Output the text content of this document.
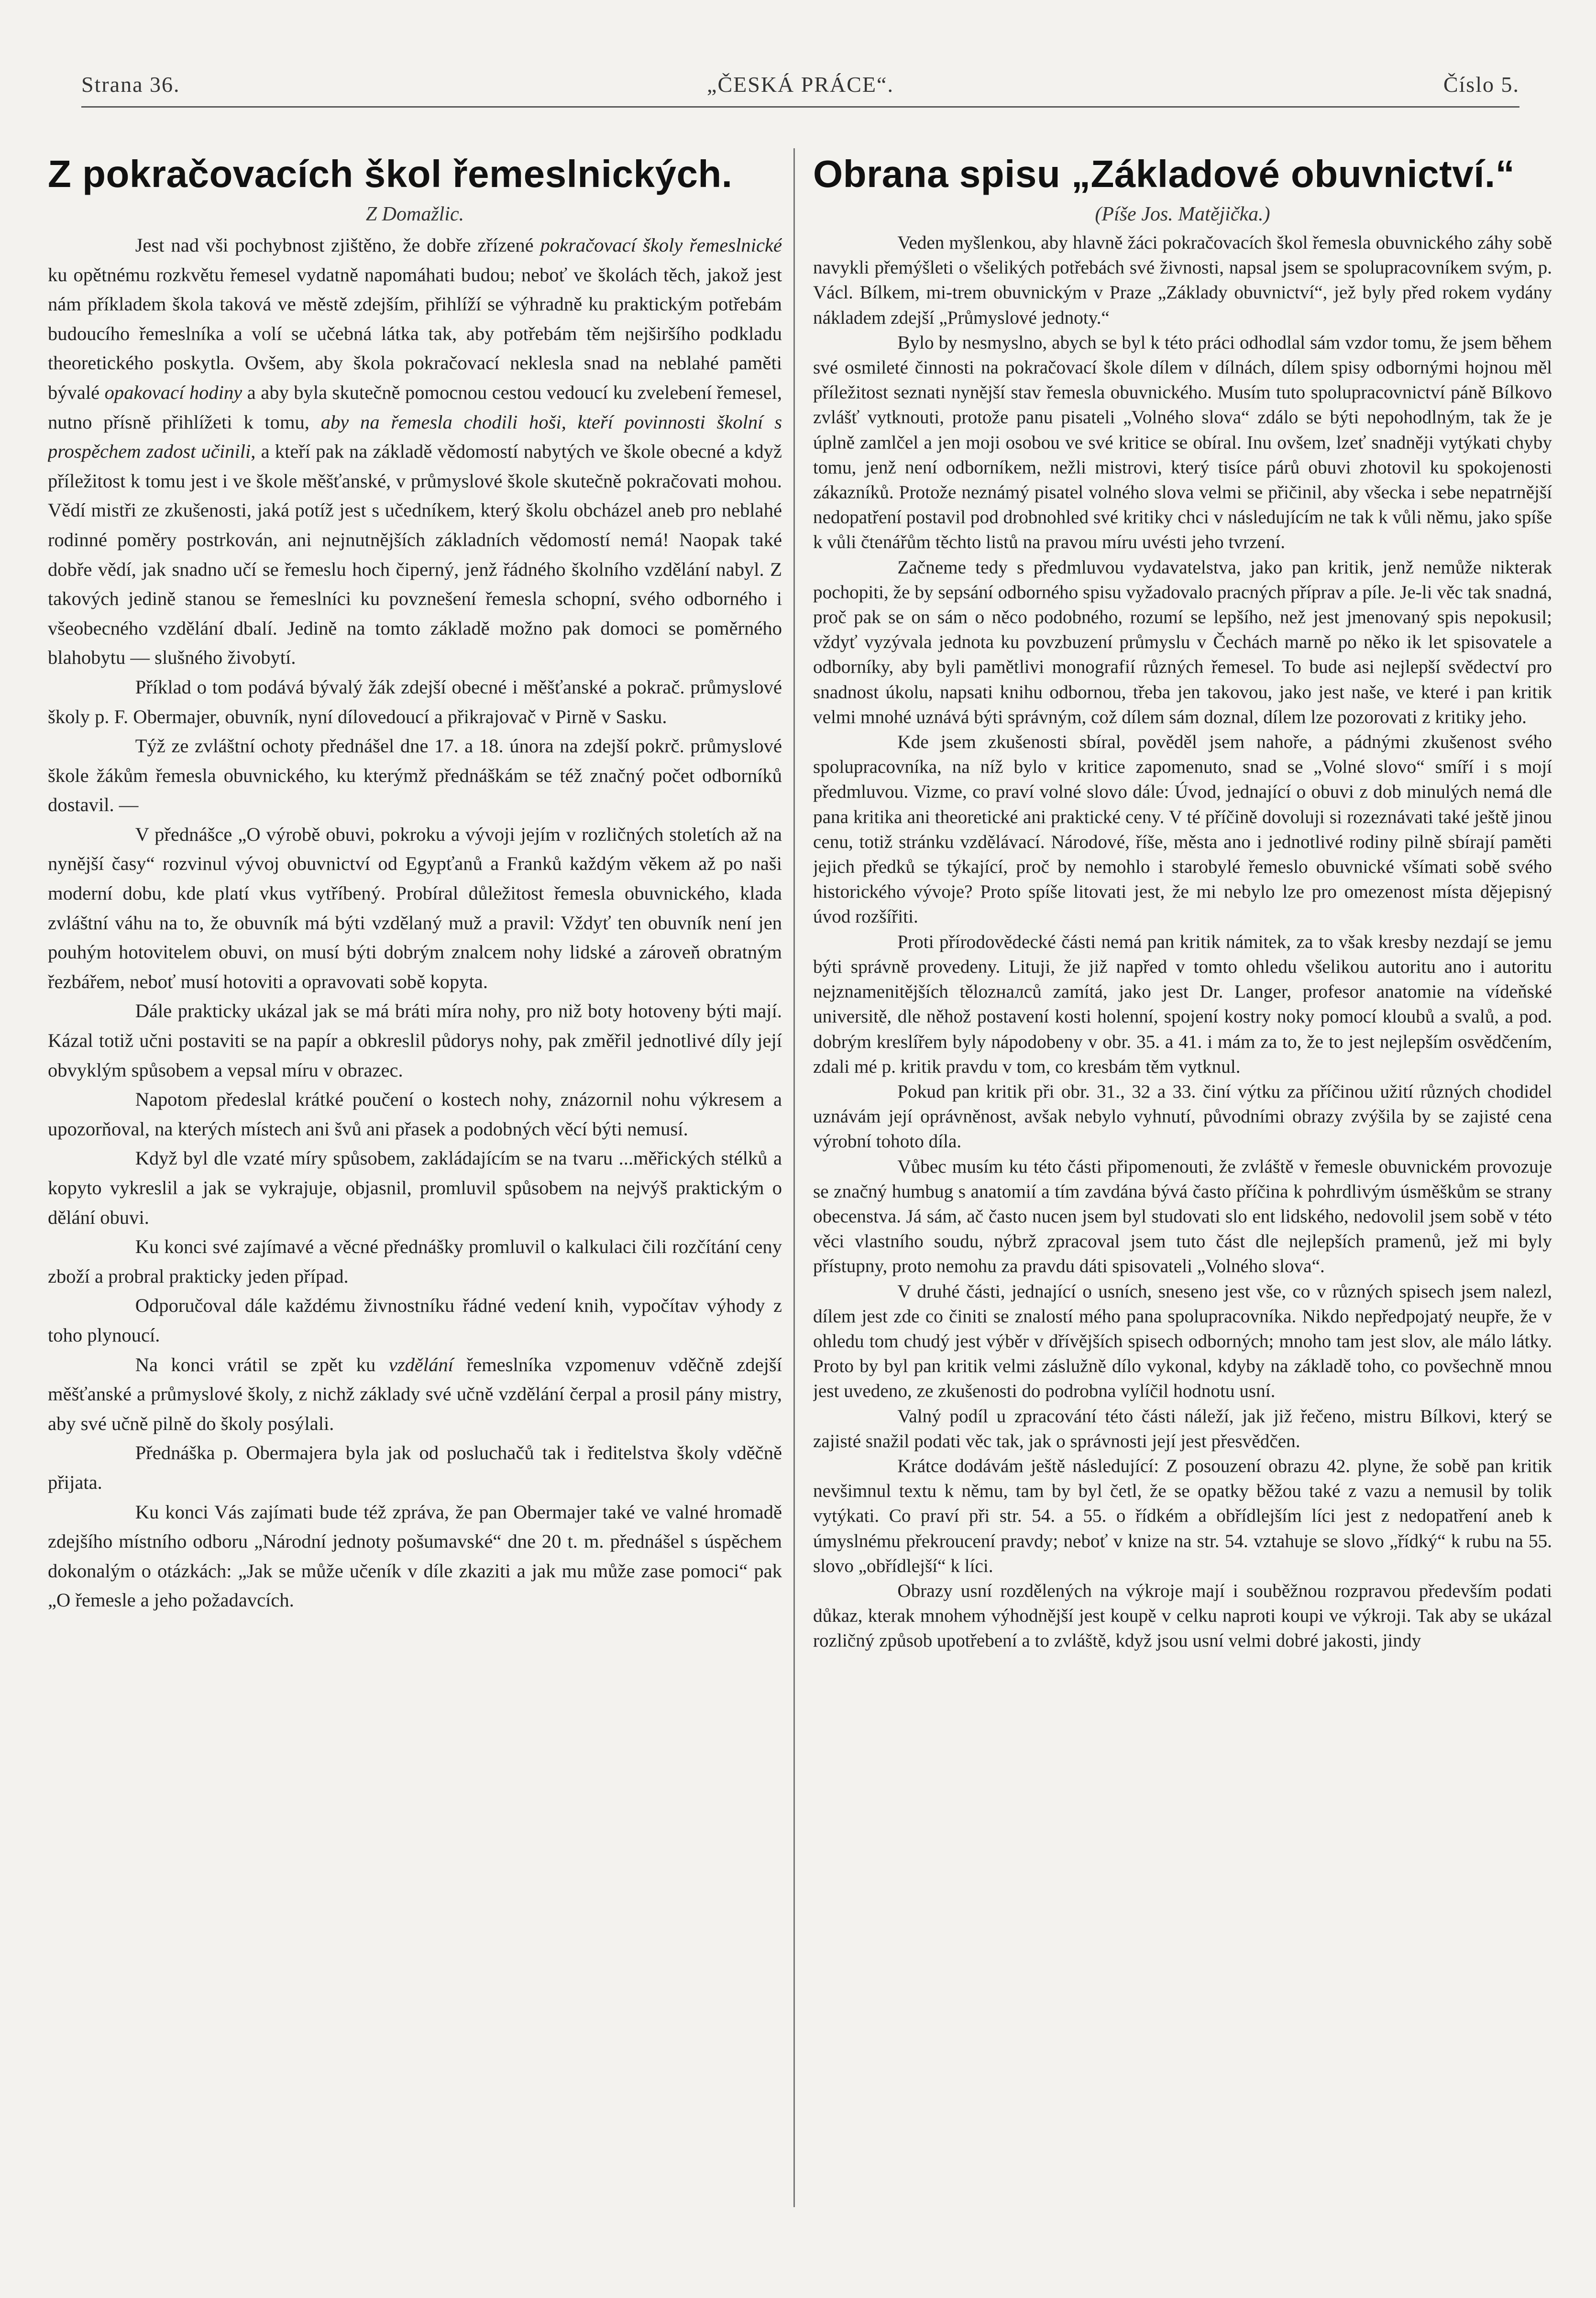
Strana 36.	„ČESKÁ PRÁCE“.	Číslo 5.
Z pokračovacích škol řemeslnických.
Z Domažlic.

Jest nad vši pochybnost zjištěno, že dobře zřízené pokračovací školy řemeslnické ku opětnému rozkvětu řemesel vydatně napomáhati budou; neboť ve školách těch, jakož jest nám příkladem škola taková ve městě zdejším, přihlíží se výhradně ku praktickým potřebám budoucího řemeslníka a volí se učebná látka tak, aby potřebám těm nejširšího podkladu theoretického poskytla. Ovšem, aby škola pokračovací neklesla snad na neblahé paměti bývalé opakovací hodiny a aby byla skutečně pomocnou cestou vedoucí ku zvelebení řemesel, nutno přísně přihlížeti k tomu, aby na řemesla chodili hoši, kteří povinnosti školní s prospěchem zadost učinili, a kteří pak na základě vědomostí nabytých ve škole obecné a když příležitost k tomu jest i ve škole měšťanské, v průmyslové škole skutečně pokračovati mohou. Vědí mistři ze zkušenosti, jaká potíž jest s učedníkem, který školu obcházel aneb pro neblahé rodinné poměry postrkován, ani nejnutnějších základních vědomostí nemá! Naopak také dobře vědí, jak snadno učí se řemeslu hoch čiperný, jenž řádného školního vzdělání nabyl. Z takových jedině stanou se řemeslníci ku povznešení řemesla schopní, svého odborného i všeobecného vzdělání dbalí. Jedině na tomto základě možno pak domoci se poměrného blahobytu — slušného živobytí.

Příklad o tom podává bývalý žák zdejší obecné i měšťanské a pokrač. průmyslové školy p. F. Obermajer, obuvník, nyní dílovedoucí a přikrajovač v Pirně v Sasku.

Týž ze zvláštní ochoty přednášel dne 17. a 18. února na zdejší pokrč. průmyslové škole žákům řemesla obuvnického, ku kterýmž přednáškám se též značný počet odborníků dostavil. —

V přednášce „O výrobě obuvi, pokroku a vývoji jejím v rozličných stoletích až na nynější časy“ rozvinul vývoj obuvnictví od Egypťanů a Franků každým věkem až po naši moderní dobu, kde platí vkus vytříbený. Probíral důležitost řemesla obuvnického, klada zvláštní váhu na to, že obuvník má býti vzdělaný muž a pravil: Vždyť ten obuvník není jen pouhým hotovitelem obuvi, on musí býti dobrým znalcem nohy lidské a zároveň obratným řezbářem, neboť musí hotoviti a opravovati sobě kopyta.

Dále prakticky ukázal jak se má bráti míra nohy, pro niž boty hotoveny býti mají. Kázal totiž učni postaviti se na papír a obkreslil půdorys nohy, pak změřil jednotlivé díly její obvyklým spůsobem a vepsal míru v obrazec.

Napotom předeslal krátké poučení o kostech nohy, znázornil nohu výkresem a upozorňoval, na kterých místech ani švů ani přasek a podobných věcí býti nemusí.

Když byl dle vzaté míry spůsobem, zakládajícím se na tvaru ...měřických stélků a kopyto vykreslil a jak se vykrajuje, objasnil, promluvil spůsobem na nejvýš praktickým o dělání obuvi.

Ku konci své zajímavé a věcné přednášky promluvil o kalkulaci čili rozčítání ceny zboží a probral prakticky jeden případ.

Odporučoval dále každému živnostníku řádné vedení knih, vypočítav výhody z toho plynoucí.

Na konci vrátil se zpět ku vzdělání řemeslníka vzpomenuv vděčně zdejší měšťanské a průmyslové školy, z nichž základy své učně vzdělání čerpal a prosil pány mistry, aby své učně pilně do školy posýlali.

Přednáška p. Obermajera byla jak od posluchačů tak i ředitelstva školy vděčně přijata.

Ku konci Vás zajímati bude též zpráva, že pan Obermajer také ve valné hromadě zdejšího místního odboru „Národní jednoty pošumavské“ dne 20 t. m. přednášel s úspěchem dokonalým o otázkách: „Jak se může učeník v díle zkaziti a jak mu může zase pomoci“ pak „O řemesle a jeho požadavcích.

Obrana spisu „Základové obuvnictví.“
(Píše Jos. Matějička.)

Veden myšlenkou, aby hlavně žáci pokračovacích škol řemesla obuvnického záhy sobě navykli přemýšleti o všelikých potřebách své živnosti, napsal jsem se spolupracovníkem svým, p. Václ. Bílkem, mi-trem obuvnickým v Praze „Základy obuvnictví“, jež byly před rokem vydány nákladem zdejší „Průmyslové jednoty.“

Bylo by nesmyslno, abych se byl k této práci odhodlal sám vzdor tomu, že jsem během své osmileté činnosti na pokračovací škole dílem v dílnách, dílem spisy odbornými hojnou měl příležitost seznati nynější stav řemesla obuvnického. Musím tuto spolupracovnictví páně Bílkovo zvlášť vytknouti, protože panu pisateli „Volného slova“ zdálo se býti nepohodlným, tak že je úplně zamlčel a jen moji osobou ve své kritice se obíral. Inu ovšem, lzeť snadněji vytýkati chyby tomu, jenž není odborníkem, nežli mistrovi, který tisíce párů obuvi zhotovil ku spokojenosti zákazníků. Protože neznámý pisatel volného slova velmi se přičinil, aby všecka i sebe nepatrnější nedopatření postavil pod drobnohled své kritiky chci v následujícím ne tak k vůli němu, jako spíše k vůli čtenářům těchto listů na pravou míru uvésti jeho tvrzení.

Začneme tedy s předmluvou vydavatelstva, jako pan kritik, jenž nemůže nikterak pochopiti, že by sepsání odborného spisu vyžadovalo pracných příprav a píle. Je-li věc tak snadná, proč pak se on sám o něco podobného, rozumí se lepšího, než jest jmenovaný spis nepokusil; vždyť vyzývala jednota ku povzbuzení průmyslu v Čechách marně po něko ik let spisovatele a odborníky, aby byli pamětlivi monografií různých řemesel. To bude asi nejlepší svědectví pro snadnost úkolu, napsati knihu odbornou, třeba jen takovou, jako jest naše, ve které i pan kritik velmi mnohé uznává býti správným, což dílem sám doznal, dílem lze pozorovati z kritiky jeho.

Kde jsem zkušenosti sbíral, pověděl jsem nahoře, a pádnými zkušenost svého spolupracovníka, na níž bylo v kritice zapomenuto, snad se „Volné slovo“ smíří i s mojí předmluvou. Vizme, co praví volné slovo dále: Úvod, jednající o obuvi z dob minulých nemá dle pana kritika ani theoretické ani praktické ceny. V té příčině dovoluji si rozeznávati také ještě jinou cenu, totiž stránku vzdělávací. Národové, říše, města ano i jednotlivé rodiny pilně sbírají paměti jejich předků se týkající, proč by nemohlo i starobylé řemeslo obuvnické všímati sobě svého historického vývoje? Proto spíše litovati jest, že mi nebylo lze pro omezenost místa dějepisný úvod rozšířiti.

Proti přírodovědecké části nemá pan kritik námitek, za to však kresby nezdají se jemu býti správně provedeny. Lituji, že již napřed v tomto ohledu všelikou autoritu ano i autoritu nejznamenitějších tělozналců zamítá, jako jest Dr. Langer, profesor anatomie na vídeňské universitě, dle něhož postavení kosti holenní, spojení kostry noky pomocí kloubů a svalů, a pod. dobrým kreslířem byly nápodobeny v obr. 35. a 41. i mám za to, že to jest nejlepším osvědčením, zdali mé p. kritik pravdu v tom, co kresbám těm vytknul.

Pokud pan kritik při obr. 31., 32 a 33. činí výtku za příčinou užití různých chodidel uznávám její oprávněnost, avšak nebylo vyhnutí, původními obrazy zvýšila by se zajisté cena výrobní tohoto díla.

Vůbec musím ku této části připomenouti, že zvláště v řemesle obuvnickém provozuje se značný humbug s anatomií a tím zavdána bývá často příčina k pohrdlivým úsměškům se strany obecenstva. Já sám, ač často nucen jsem byl studovati slo ent lidského, nedovolil jsem sobě v této věci vlastního soudu, nýbrž zpracoval jsem tuto část dle nejlepších pramenů, jež mi byly přístupny, proto nemohu za pravdu dáti spisovateli „Volného slova“.

V druhé části, jednající o usních, sneseno jest vše, co v různých spisech jsem nalezl, dílem jest zde co činiti se znalostí mého pana spolupracovníka. Nikdo nepředpojatý neupře, že v ohledu tom chudý jest výběr v dřívějších spisech odborných; mnoho tam jest slov, ale málo látky. Proto by byl pan kritik velmi záslužně dílo vykonal, kdyby na základě toho, co povšechně mnou jest uvedeno, ze zkušenosti do podrobna vylíčil hodnotu usní.

Valný podíl u zpracování této části náleží, jak již řečeno, mistru Bílkovi, který se zajisté snažil podati věc tak, jak o správnosti její jest přesvědčen.

Krátce dodávám ještě následující: Z posouzení obrazu 42. plyne, že sobě pan kritik nevšimnul textu k němu, tam by byl četl, že se opatky běžou také z vazu a nemusil by tolik vytýkati. Co praví při str. 54. a 55. o řídkém a obřídlejším líci jest z nedopatření aneb k úmyslnému překroucení pravdy; neboť v knize na str. 54. vztahuje se slovo „řídký“ k rubu na 55. slovo „obřídlejší“ k líci.

Obrazy usní rozdělených na výkroje mají i souběžnou rozpravou především podati důkaz, kterak mnohem výhodnější jest koupě v celku naproti koupi ve výkroji. Tak aby se ukázal rozličný způsob upotřebení a to zvláště, když jsou usní velmi dobré jakosti, jindy
